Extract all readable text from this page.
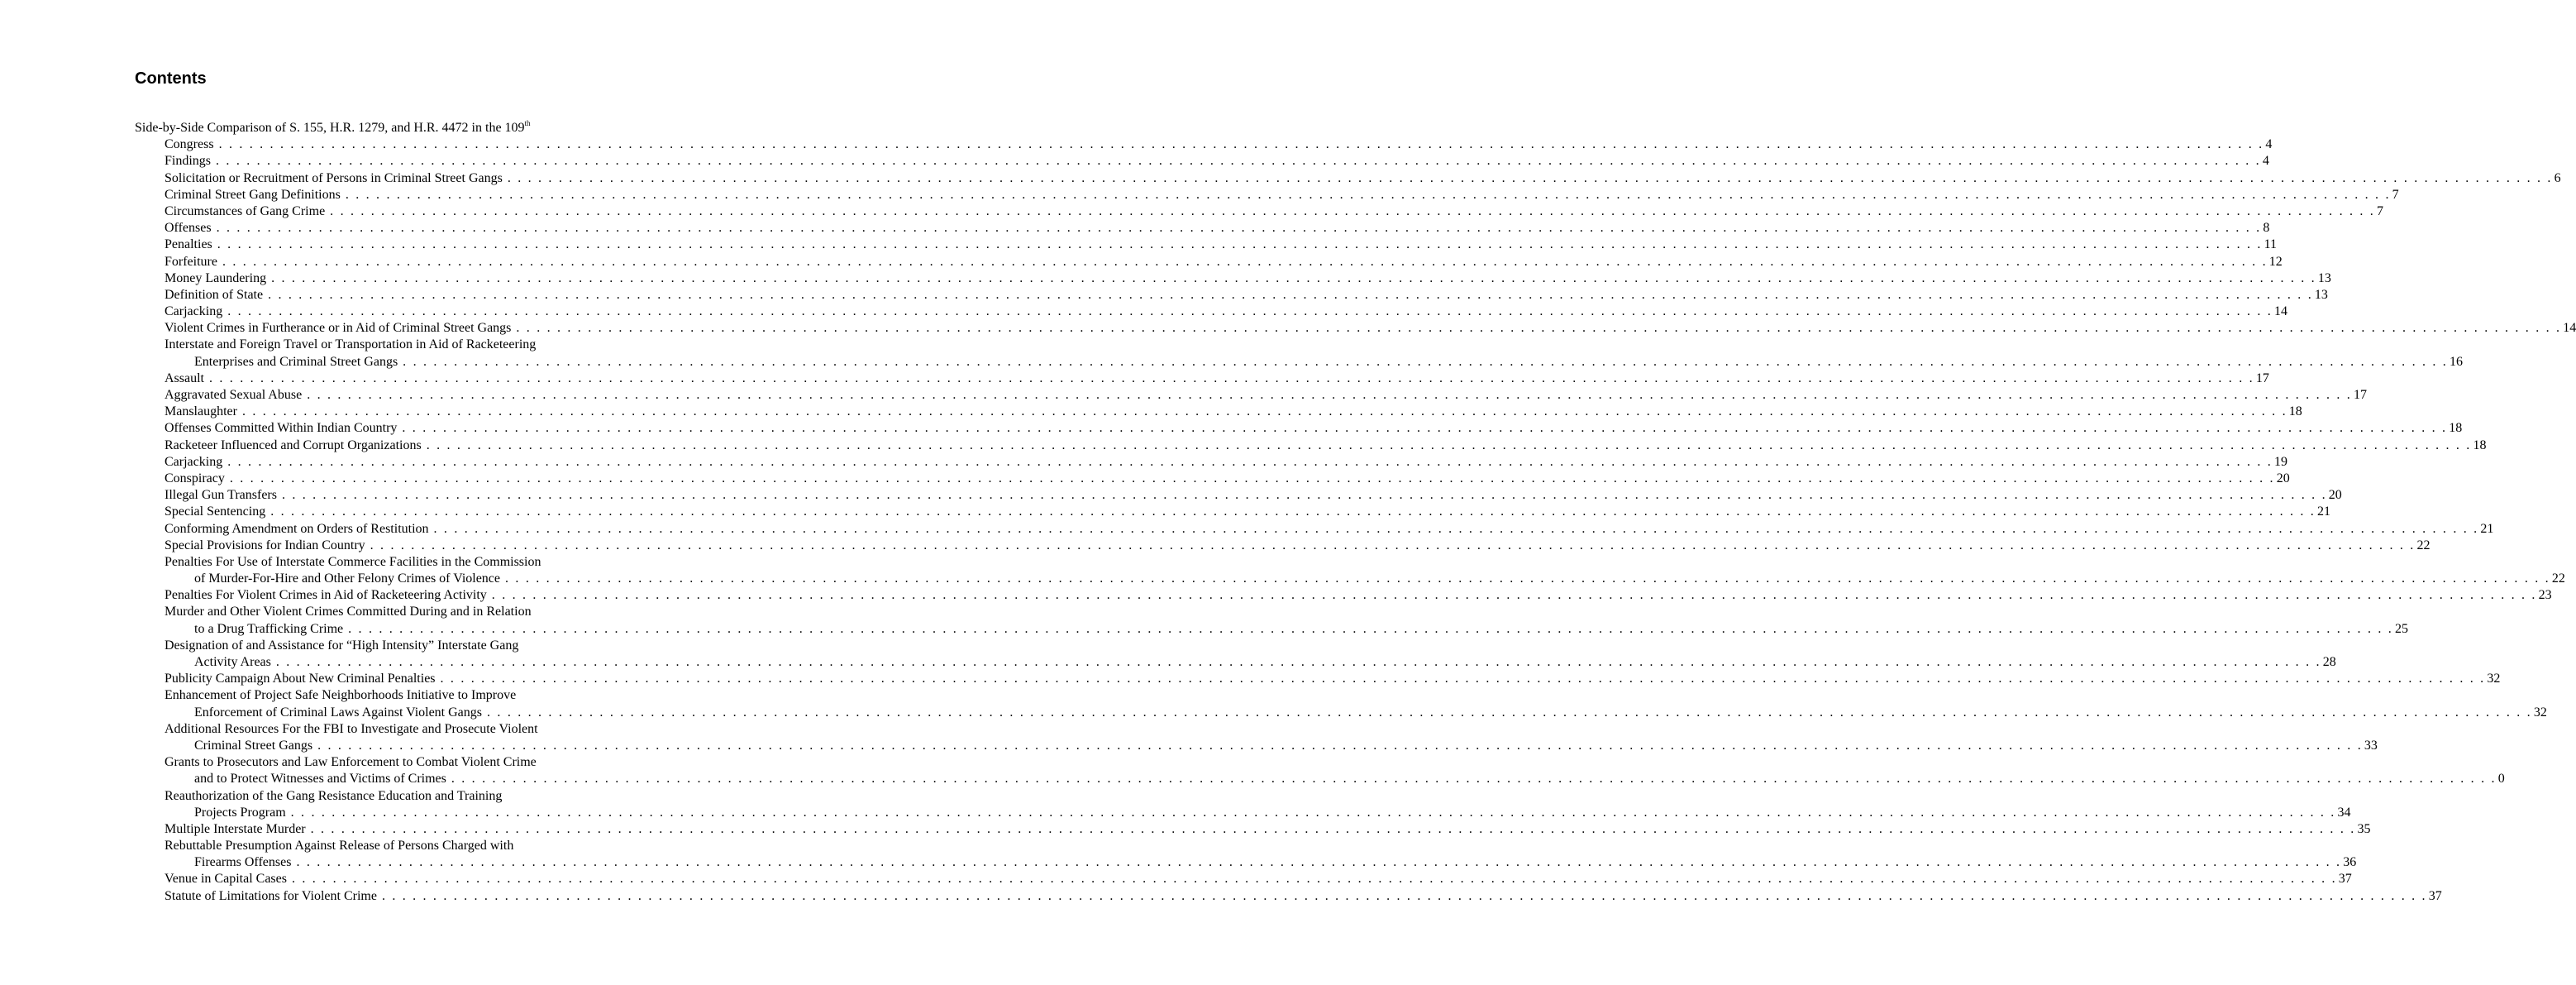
Contents
Side-by-Side Comparison of S. 155, H.R. 1279, and H.R. 4472 in the 109th
Congress . . . . . . . . . . . . . . . . . . . . . . . . . . . . . . . . . . . . . . . . . . . . . . . . . . . . . . . . . . . . . . . . . . . . . . . . . . . . . . . . . . . . . . . . . . . . . . . . . . . . . . . . . . . . . . . . . . . . . . . . . . . . . . . . . . . . . . . . . . . . . . . . . . . . . . . . . . . . . . . . . . . . . . . . . . . . . . . . . . . . . . . . . . . . . . . . . . . . . . . . 4
Findings . . . . . . . . . . . . . . . . . . . . . . . . . . . . . . . . . . . . . . . . . . . . . . . . . . . . . . . . . . . . . . . . . . . . . . . . . . . . . . . . . . . . . . . . . . . . . . . . . . . . . . . . . . . . . . . . . . . . . . . . . . . . . . . . . . . . . . . . . . . . . . . . . . . . . . . . . . . . . . . . . . . . . . . . . . . . . . . . . . . . . . . . . . . . . . . . . . . . . . . . 4
Solicitation or Recruitment of Persons in Criminal Street Gangs . . . . . . . . . . . . . . . . . . . . . . . . . . . . . . . . . . . . . . . . . . . . . . . . . . . . . . . . . . . . . . . . . . . . . . . . . . . . . . . . . . . . . . . . . . . . . . . . . . . . . . . . . . . . . . . . . . . . . . . . . . . . . . . . . . . . . . . . . . . . . . . . . . . . . . . . . . . . . . . . . . . . . . . . . . . . . . . . . . . . . . . . . . . . . . . . . . . . . . . . 6
Criminal Street Gang Definitions . . . . . . . . . . . . . . . . . . . . . . . . . . . . . . . . . . . . . . . . . . . . . . . . . . . . . . . . . . . . . . . . . . . . . . . . . . . . . . . . . . . . . . . . . . . . . . . . . . . . . . . . . . . . . . . . . . . . . . . . . . . . . . . . . . . . . . . . . . . . . . . . . . . . . . . . . . . . . . . . . . . . . . . . . . . . . . . . . . . . . . . . . . . . . . . . . . . . . . . . 7
Circumstances of Gang Crime . . . . . . . . . . . . . . . . . . . . . . . . . . . . . . . . . . . . . . . . . . . . . . . . . . . . . . . . . . . . . . . . . . . . . . . . . . . . . . . . . . . . . . . . . . . . . . . . . . . . . . . . . . . . . . . . . . . . . . . . . . . . . . . . . . . . . . . . . . . . . . . . . . . . . . . . . . . . . . . . . . . . . . . . . . . . . . . . . . . . . . . . . . . . . . . . . . . . . . . . 7
Offenses . . . . . . . . . . . . . . . . . . . . . . . . . . . . . . . . . . . . . . . . . . . . . . . . . . . . . . . . . . . . . . . . . . . . . . . . . . . . . . . . . . . . . . . . . . . . . . . . . . . . . . . . . . . . . . . . . . . . . . . . . . . . . . . . . . . . . . . . . . . . . . . . . . . . . . . . . . . . . . . . . . . . . . . . . . . . . . . . . . . . . . . . . . . . . . . . . . . . . . . . 8
Penalties . . . . . . . . . . . . . . . . . . . . . . . . . . . . . . . . . . . . . . . . . . . . . . . . . . . . . . . . . . . . . . . . . . . . . . . . . . . . . . . . . . . . . . . . . . . . . . . . . . . . . . . . . . . . . . . . . . . . . . . . . . . . . . . . . . . . . . . . . . . . . . . . . . . . . . . . . . . . . . . . . . . . . . . . . . . . . . . . . . . . . . . . . . . . . . . . . . . . . . . . 11
Forfeiture . . . . . . . . . . . . . . . . . . . . . . . . . . . . . . . . . . . . . . . . . . . . . . . . . . . . . . . . . . . . . . . . . . . . . . . . . . . . . . . . . . . . . . . . . . . . . . . . . . . . . . . . . . . . . . . . . . . . . . . . . . . . . . . . . . . . . . . . . . . . . . . . . . . . . . . . . . . . . . . . . . . . . . . . . . . . . . . . . . . . . . . . . . . . . . . . . . . . . . . . 12
Money Laundering . . . . . . . . . . . . . . . . . . . . . . . . . . . . . . . . . . . . . . . . . . . . . . . . . . . . . . . . . . . . . . . . . . . . . . . . . . . . . . . . . . . . . . . . . . . . . . . . . . . . . . . . . . . . . . . . . . . . . . . . . . . . . . . . . . . . . . . . . . . . . . . . . . . . . . . . . . . . . . . . . . . . . . . . . . . . . . . . . . . . . . . . . . . . . . . . . . . . . . . . 13
Definition of State . . . . . . . . . . . . . . . . . . . . . . . . . . . . . . . . . . . . . . . . . . . . . . . . . . . . . . . . . . . . . . . . . . . . . . . . . . . . . . . . . . . . . . . . . . . . . . . . . . . . . . . . . . . . . . . . . . . . . . . . . . . . . . . . . . . . . . . . . . . . . . . . . . . . . . . . . . . . . . . . . . . . . . . . . . . . . . . . . . . . . . . . . . . . . . . . . . . . . . . . 13
Carjacking . . . . . . . . . . . . . . . . . . . . . . . . . . . . . . . . . . . . . . . . . . . . . . . . . . . . . . . . . . . . . . . . . . . . . . . . . . . . . . . . . . . . . . . . . . . . . . . . . . . . . . . . . . . . . . . . . . . . . . . . . . . . . . . . . . . . . . . . . . . . . . . . . . . . . . . . . . . . . . . . . . . . . . . . . . . . . . . . . . . . . . . . . . . . . . . . . . . . . . . . 14
Violent Crimes in Furtherance or in Aid of Criminal Street Gangs . . . . . . . . . . . . . . . . . . . . . . . . . . . . . . . . . . . . . . . . . . . . . . . . . . . . . . . . . . . . . . . . . . . . . . . . . . . . . . . . . . . . . . . . . . . . . . . . . . . . . . . . . . . . . . . . . . . . . . . . . . . . . . . . . . . . . . . . . . . . . . . . . . . . . . . . . . . . . . . . . . . . . . . . . . . . . . . . . . . . . . . . . . . . . . . . . . . . . . . . 14
Interstate and Foreign Travel or Transportation in Aid of Racketeering
Enterprises and Criminal Street Gangs . . . . . . . . . . . . . . . . . . . . . . . . . . . . . . . . . . . . . . . . . . . . . . . . . . . . . . . . . . . . . . . . . . . . . . . . . . . . . . . . . . . . . . . . . . . . . . . . . . . . . . . . . . . . . . . . . . . . . . . . . . . . . . . . . . . . . . . . . . . . . . . . . . . . . . . . . . . . . . . . . . . . . . . . . . . . . . . . . . . . . . . . . . . . . . . . . . . . . . . . 16
Assault . . . . . . . . . . . . . . . . . . . . . . . . . . . . . . . . . . . . . . . . . . . . . . . . . . . . . . . . . . . . . . . . . . . . . . . . . . . . . . . . . . . . . . . . . . . . . . . . . . . . . . . . . . . . . . . . . . . . . . . . . . . . . . . . . . . . . . . . . . . . . . . . . . . . . . . . . . . . . . . . . . . . . . . . . . . . . . . . . . . . . . . . . . . . . . . . . . . . . . . . 17
Aggravated Sexual Abuse . . . . . . . . . . . . . . . . . . . . . . . . . . . . . . . . . . . . . . . . . . . . . . . . . . . . . . . . . . . . . . . . . . . . . . . . . . . . . . . . . . . . . . . . . . . . . . . . . . . . . . . . . . . . . . . . . . . . . . . . . . . . . . . . . . . . . . . . . . . . . . . . . . . . . . . . . . . . . . . . . . . . . . . . . . . . . . . . . . . . . . . . . . . . . . . . . . . . . . . . 17
Manslaughter . . . . . . . . . . . . . . . . . . . . . . . . . . . . . . . . . . . . . . . . . . . . . . . . . . . . . . . . . . . . . . . . . . . . . . . . . . . . . . . . . . . . . . . . . . . . . . . . . . . . . . . . . . . . . . . . . . . . . . . . . . . . . . . . . . . . . . . . . . . . . . . . . . . . . . . . . . . . . . . . . . . . . . . . . . . . . . . . . . . . . . . . . . . . . . . . . . . . . . . . 18
Offenses Committed Within Indian Country . . . . . . . . . . . . . . . . . . . . . . . . . . . . . . . . . . . . . . . . . . . . . . . . . . . . . . . . . . . . . . . . . . . . . . . . . . . . . . . . . . . . . . . . . . . . . . . . . . . . . . . . . . . . . . . . . . . . . . . . . . . . . . . . . . . . . . . . . . . . . . . . . . . . . . . . . . . . . . . . . . . . . . . . . . . . . . . . . . . . . . . . . . . . . . . . . . . . . . . . 18
Racketeer Influenced and Corrupt Organizations . . . . . . . . . . . . . . . . . . . . . . . . . . . . . . . . . . . . . . . . . . . . . . . . . . . . . . . . . . . . . . . . . . . . . . . . . . . . . . . . . . . . . . . . . . . . . . . . . . . . . . . . . . . . . . . . . . . . . . . . . . . . . . . . . . . . . . . . . . . . . . . . . . . . . . . . . . . . . . . . . . . . . . . . . . . . . . . . . . . . . . . . . . . . . . . . . . . . . . . . 18
Carjacking . . . . . . . . . . . . . . . . . . . . . . . . . . . . . . . . . . . . . . . . . . . . . . . . . . . . . . . . . . . . . . . . . . . . . . . . . . . . . . . . . . . . . . . . . . . . . . . . . . . . . . . . . . . . . . . . . . . . . . . . . . . . . . . . . . . . . . . . . . . . . . . . . . . . . . . . . . . . . . . . . . . . . . . . . . . . . . . . . . . . . . . . . . . . . . . . . . . . . . . . 19
Conspiracy . . . . . . . . . . . . . . . . . . . . . . . . . . . . . . . . . . . . . . . . . . . . . . . . . . . . . . . . . . . . . . . . . . . . . . . . . . . . . . . . . . . . . . . . . . . . . . . . . . . . . . . . . . . . . . . . . . . . . . . . . . . . . . . . . . . . . . . . . . . . . . . . . . . . . . . . . . . . . . . . . . . . . . . . . . . . . . . . . . . . . . . . . . . . . . . . . . . . . . . . 20
Illegal Gun Transfers . . . . . . . . . . . . . . . . . . . . . . . . . . . . . . . . . . . . . . . . . . . . . . . . . . . . . . . . . . . . . . . . . . . . . . . . . . . . . . . . . . . . . . . . . . . . . . . . . . . . . . . . . . . . . . . . . . . . . . . . . . . . . . . . . . . . . . . . . . . . . . . . . . . . . . . . . . . . . . . . . . . . . . . . . . . . . . . . . . . . . . . . . . . . . . . . . . . . . . . . 20
Special Sentencing . . . . . . . . . . . . . . . . . . . . . . . . . . . . . . . . . . . . . . . . . . . . . . . . . . . . . . . . . . . . . . . . . . . . . . . . . . . . . . . . . . . . . . . . . . . . . . . . . . . . . . . . . . . . . . . . . . . . . . . . . . . . . . . . . . . . . . . . . . . . . . . . . . . . . . . . . . . . . . . . . . . . . . . . . . . . . . . . . . . . . . . . . . . . . . . . . . . . . . . . 21
Conforming Amendment on Orders of Restitution . . . . . . . . . . . . . . . . . . . . . . . . . . . . . . . . . . . . . . . . . . . . . . . . . . . . . . . . . . . . . . . . . . . . . . . . . . . . . . . . . . . . . . . . . . . . . . . . . . . . . . . . . . . . . . . . . . . . . . . . . . . . . . . . . . . . . . . . . . . . . . . . . . . . . . . . . . . . . . . . . . . . . . . . . . . . . . . . . . . . . . . . . . . . . . . . . . . . . . . . 21
Special Provisions for Indian Country . . . . . . . . . . . . . . . . . . . . . . . . . . . . . . . . . . . . . . . . . . . . . . . . . . . . . . . . . . . . . . . . . . . . . . . . . . . . . . . . . . . . . . . . . . . . . . . . . . . . . . . . . . . . . . . . . . . . . . . . . . . . . . . . . . . . . . . . . . . . . . . . . . . . . . . . . . . . . . . . . . . . . . . . . . . . . . . . . . . . . . . . . . . . . . . . . . . . . . . . 22
Penalties For Use of Interstate Commerce Facilities in the Commission
of Murder-For-Hire and Other Felony Crimes of Violence . . . . . . . . . . . . . . . . . . . . . . . . . . . . . . . . . . . . . . . . . . . . . . . . . . . . . . . . . . . . . . . . . . . . . . . . . . . . . . . . . . . . . . . . . . . . . . . . . . . . . . . . . . . . . . . . . . . . . . . . . . . . . . . . . . . . . . . . . . . . . . . . . . . . . . . . . . . . . . . . . . . . . . . . . . . . . . . . . . . . . . . . . . . . . . . . . . . . . . . . 22
Penalties For Violent Crimes in Aid of Racketeering Activity . . . . . . . . . . . . . . . . . . . . . . . . . . . . . . . . . . . . . . . . . . . . . . . . . . . . . . . . . . . . . . . . . . . . . . . . . . . . . . . . . . . . . . . . . . . . . . . . . . . . . . . . . . . . . . . . . . . . . . . . . . . . . . . . . . . . . . . . . . . . . . . . . . . . . . . . . . . . . . . . . . . . . . . . . . . . . . . . . . . . . . . . . . . . . . . . . . . . . . . . 23
Murder and Other Violent Crimes Committed During and in Relation
to a Drug Trafficking Crime . . . . . . . . . . . . . . . . . . . . . . . . . . . . . . . . . . . . . . . . . . . . . . . . . . . . . . . . . . . . . . . . . . . . . . . . . . . . . . . . . . . . . . . . . . . . . . . . . . . . . . . . . . . . . . . . . . . . . . . . . . . . . . . . . . . . . . . . . . . . . . . . . . . . . . . . . . . . . . . . . . . . . . . . . . . . . . . . . . . . . . . . . . . . . . . . . . . . . . . . 25
Designation of and Assistance for “High Intensity” Interstate Gang
Activity Areas . . . . . . . . . . . . . . . . . . . . . . . . . . . . . . . . . . . . . . . . . . . . . . . . . . . . . . . . . . . . . . . . . . . . . . . . . . . . . . . . . . . . . . . . . . . . . . . . . . . . . . . . . . . . . . . . . . . . . . . . . . . . . . . . . . . . . . . . . . . . . . . . . . . . . . . . . . . . . . . . . . . . . . . . . . . . . . . . . . . . . . . . . . . . . . . . . . . . . . . . 28
Publicity Campaign About New Criminal Penalties . . . . . . . . . . . . . . . . . . . . . . . . . . . . . . . . . . . . . . . . . . . . . . . . . . . . . . . . . . . . . . . . . . . . . . . . . . . . . . . . . . . . . . . . . . . . . . . . . . . . . . . . . . . . . . . . . . . . . . . . . . . . . . . . . . . . . . . . . . . . . . . . . . . . . . . . . . . . . . . . . . . . . . . . . . . . . . . . . . . . . . . . . . . . . . . . . . . . . . . . 32
Enhancement of Project Safe Neighborhoods Initiative to Improve
Enforcement of Criminal Laws Against Violent Gangs . . . . . . . . . . . . . . . . . . . . . . . . . . . . . . . . . . . . . . . . . . . . . . . . . . . . . . . . . . . . . . . . . . . . . . . . . . . . . . . . . . . . . . . . . . . . . . . . . . . . . . . . . . . . . . . . . . . . . . . . . . . . . . . . . . . . . . . . . . . . . . . . . . . . . . . . . . . . . . . . . . . . . . . . . . . . . . . . . . . . . . . . . . . . . . . . . . . . . . . . 32
Additional Resources For the FBI to Investigate and Prosecute Violent
Criminal Street Gangs . . . . . . . . . . . . . . . . . . . . . . . . . . . . . . . . . . . . . . . . . . . . . . . . . . . . . . . . . . . . . . . . . . . . . . . . . . . . . . . . . . . . . . . . . . . . . . . . . . . . . . . . . . . . . . . . . . . . . . . . . . . . . . . . . . . . . . . . . . . . . . . . . . . . . . . . . . . . . . . . . . . . . . . . . . . . . . . . . . . . . . . . . . . . . . . . . . . . . . . . 33
Grants to Prosecutors and Law Enforcement to Combat Violent Crime
and to Protect Witnesses and Victims of Crimes . . . . . . . . . . . . . . . . . . . . . . . . . . . . . . . . . . . . . . . . . . . . . . . . . . . . . . . . . . . . . . . . . . . . . . . . . . . . . . . . . . . . . . . . . . . . . . . . . . . . . . . . . . . . . . . . . . . . . . . . . . . . . . . . . . . . . . . . . . . . . . . . . . . . . . . . . . . . . . . . . . . . . . . . . . . . . . . . . . . . . . . . . . . . . . . . . . . . . . . . 0
Reauthorization of the Gang Resistance Education and Training
Projects Program . . . . . . . . . . . . . . . . . . . . . . . . . . . . . . . . . . . . . . . . . . . . . . . . . . . . . . . . . . . . . . . . . . . . . . . . . . . . . . . . . . . . . . . . . . . . . . . . . . . . . . . . . . . . . . . . . . . . . . . . . . . . . . . . . . . . . . . . . . . . . . . . . . . . . . . . . . . . . . . . . . . . . . . . . . . . . . . . . . . . . . . . . . . . . . . . . . . . . . . . 34
Multiple Interstate Murder . . . . . . . . . . . . . . . . . . . . . . . . . . . . . . . . . . . . . . . . . . . . . . . . . . . . . . . . . . . . . . . . . . . . . . . . . . . . . . . . . . . . . . . . . . . . . . . . . . . . . . . . . . . . . . . . . . . . . . . . . . . . . . . . . . . . . . . . . . . . . . . . . . . . . . . . . . . . . . . . . . . . . . . . . . . . . . . . . . . . . . . . . . . . . . . . . . . . . . . . 35
Rebuttable Presumption Against Release of Persons Charged with
Firearms Offenses . . . . . . . . . . . . . . . . . . . . . . . . . . . . . . . . . . . . . . . . . . . . . . . . . . . . . . . . . . . . . . . . . . . . . . . . . . . . . . . . . . . . . . . . . . . . . . . . . . . . . . . . . . . . . . . . . . . . . . . . . . . . . . . . . . . . . . . . . . . . . . . . . . . . . . . . . . . . . . . . . . . . . . . . . . . . . . . . . . . . . . . . . . . . . . . . . . . . . . . . 36
Venue in Capital Cases . . . . . . . . . . . . . . . . . . . . . . . . . . . . . . . . . . . . . . . . . . . . . . . . . . . . . . . . . . . . . . . . . . . . . . . . . . . . . . . . . . . . . . . . . . . . . . . . . . . . . . . . . . . . . . . . . . . . . . . . . . . . . . . . . . . . . . . . . . . . . . . . . . . . . . . . . . . . . . . . . . . . . . . . . . . . . . . . . . . . . . . . . . . . . . . . . . . . . . . . 37
Statute of Limitations for Violent Crime . . . . . . . . . . . . . . . . . . . . . . . . . . . . . . . . . . . . . . . . . . . . . . . . . . . . . . . . . . . . . . . . . . . . . . . . . . . . . . . . . . . . . . . . . . . . . . . . . . . . . . . . . . . . . . . . . . . . . . . . . . . . . . . . . . . . . . . . . . . . . . . . . . . . . . . . . . . . . . . . . . . . . . . . . . . . . . . . . . . . . . . . . . . . . . . . . . . . . . . . 37
